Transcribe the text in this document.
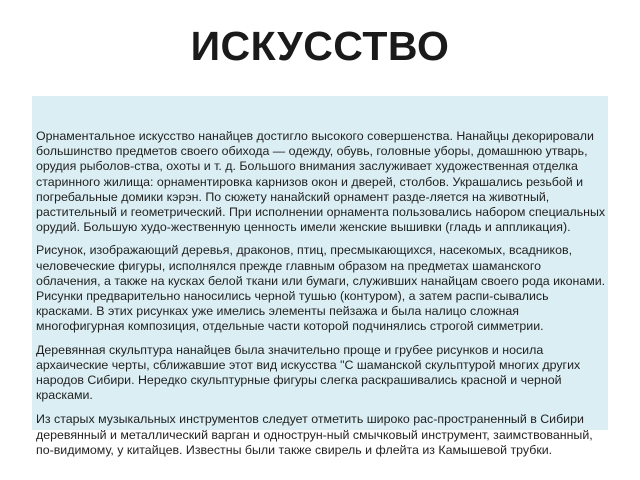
ИСКУССТВО

Орнаментальное искусство нанайцев достигло высокого совершенства. Нанайцы декорировали большинство предметов своего обихода — одежду, обувь, головные уборы, домашнюю утварь, орудия рыболов-ства, охоты и т. д. Большого внимания заслуживает художественная отделка старинного жилища: орнаментировка карнизов окон и дверей, столбов. Украшались резьбой и погребальные домики кэрэн. По сюжету нанайский орнамент разде-ляется на животный, растительный и геометрический. При исполнении орнамента пользовались набором специальных орудий. Большую худо-жественную ценность имели женские вышивки (гладь и аппликация).

Рисунок, изображающий деревья, драконов, птиц, пресмыкающихся, насекомых, всадников, человеческие фигуры, исполнялся прежде главным образом на предметах шаманского облачения, а также на кусках белой ткани или бумаги, служивших нанайцам своего рода иконами. Рисунки предварительно наносились черной тушью (контуром), а затем распи-сывались красками. В этих рисунках уже имелись элементы пейзажа и была налицо сложная многофигурная композиция, отдельные части которой подчинялись строгой симметрии.

Деревянная скульптура нанайцев была значительно проще и грубее рисунков и носила архаические черты, сближавшие этот вид искусства "С шаманской скульптурой многих других народов Сибири. Нередко скульптурные фигуры слегка раскрашивались красной и черной красками.

Из старых музыкальных инструментов следует отметить широко рас-пространенный в Сибири деревянный и металлический варган и однострун-ный смычковый инструмент, заимствованный, по-видимому, у китайцев. Известны были также свирель и флейта из Камышевой трубки.
